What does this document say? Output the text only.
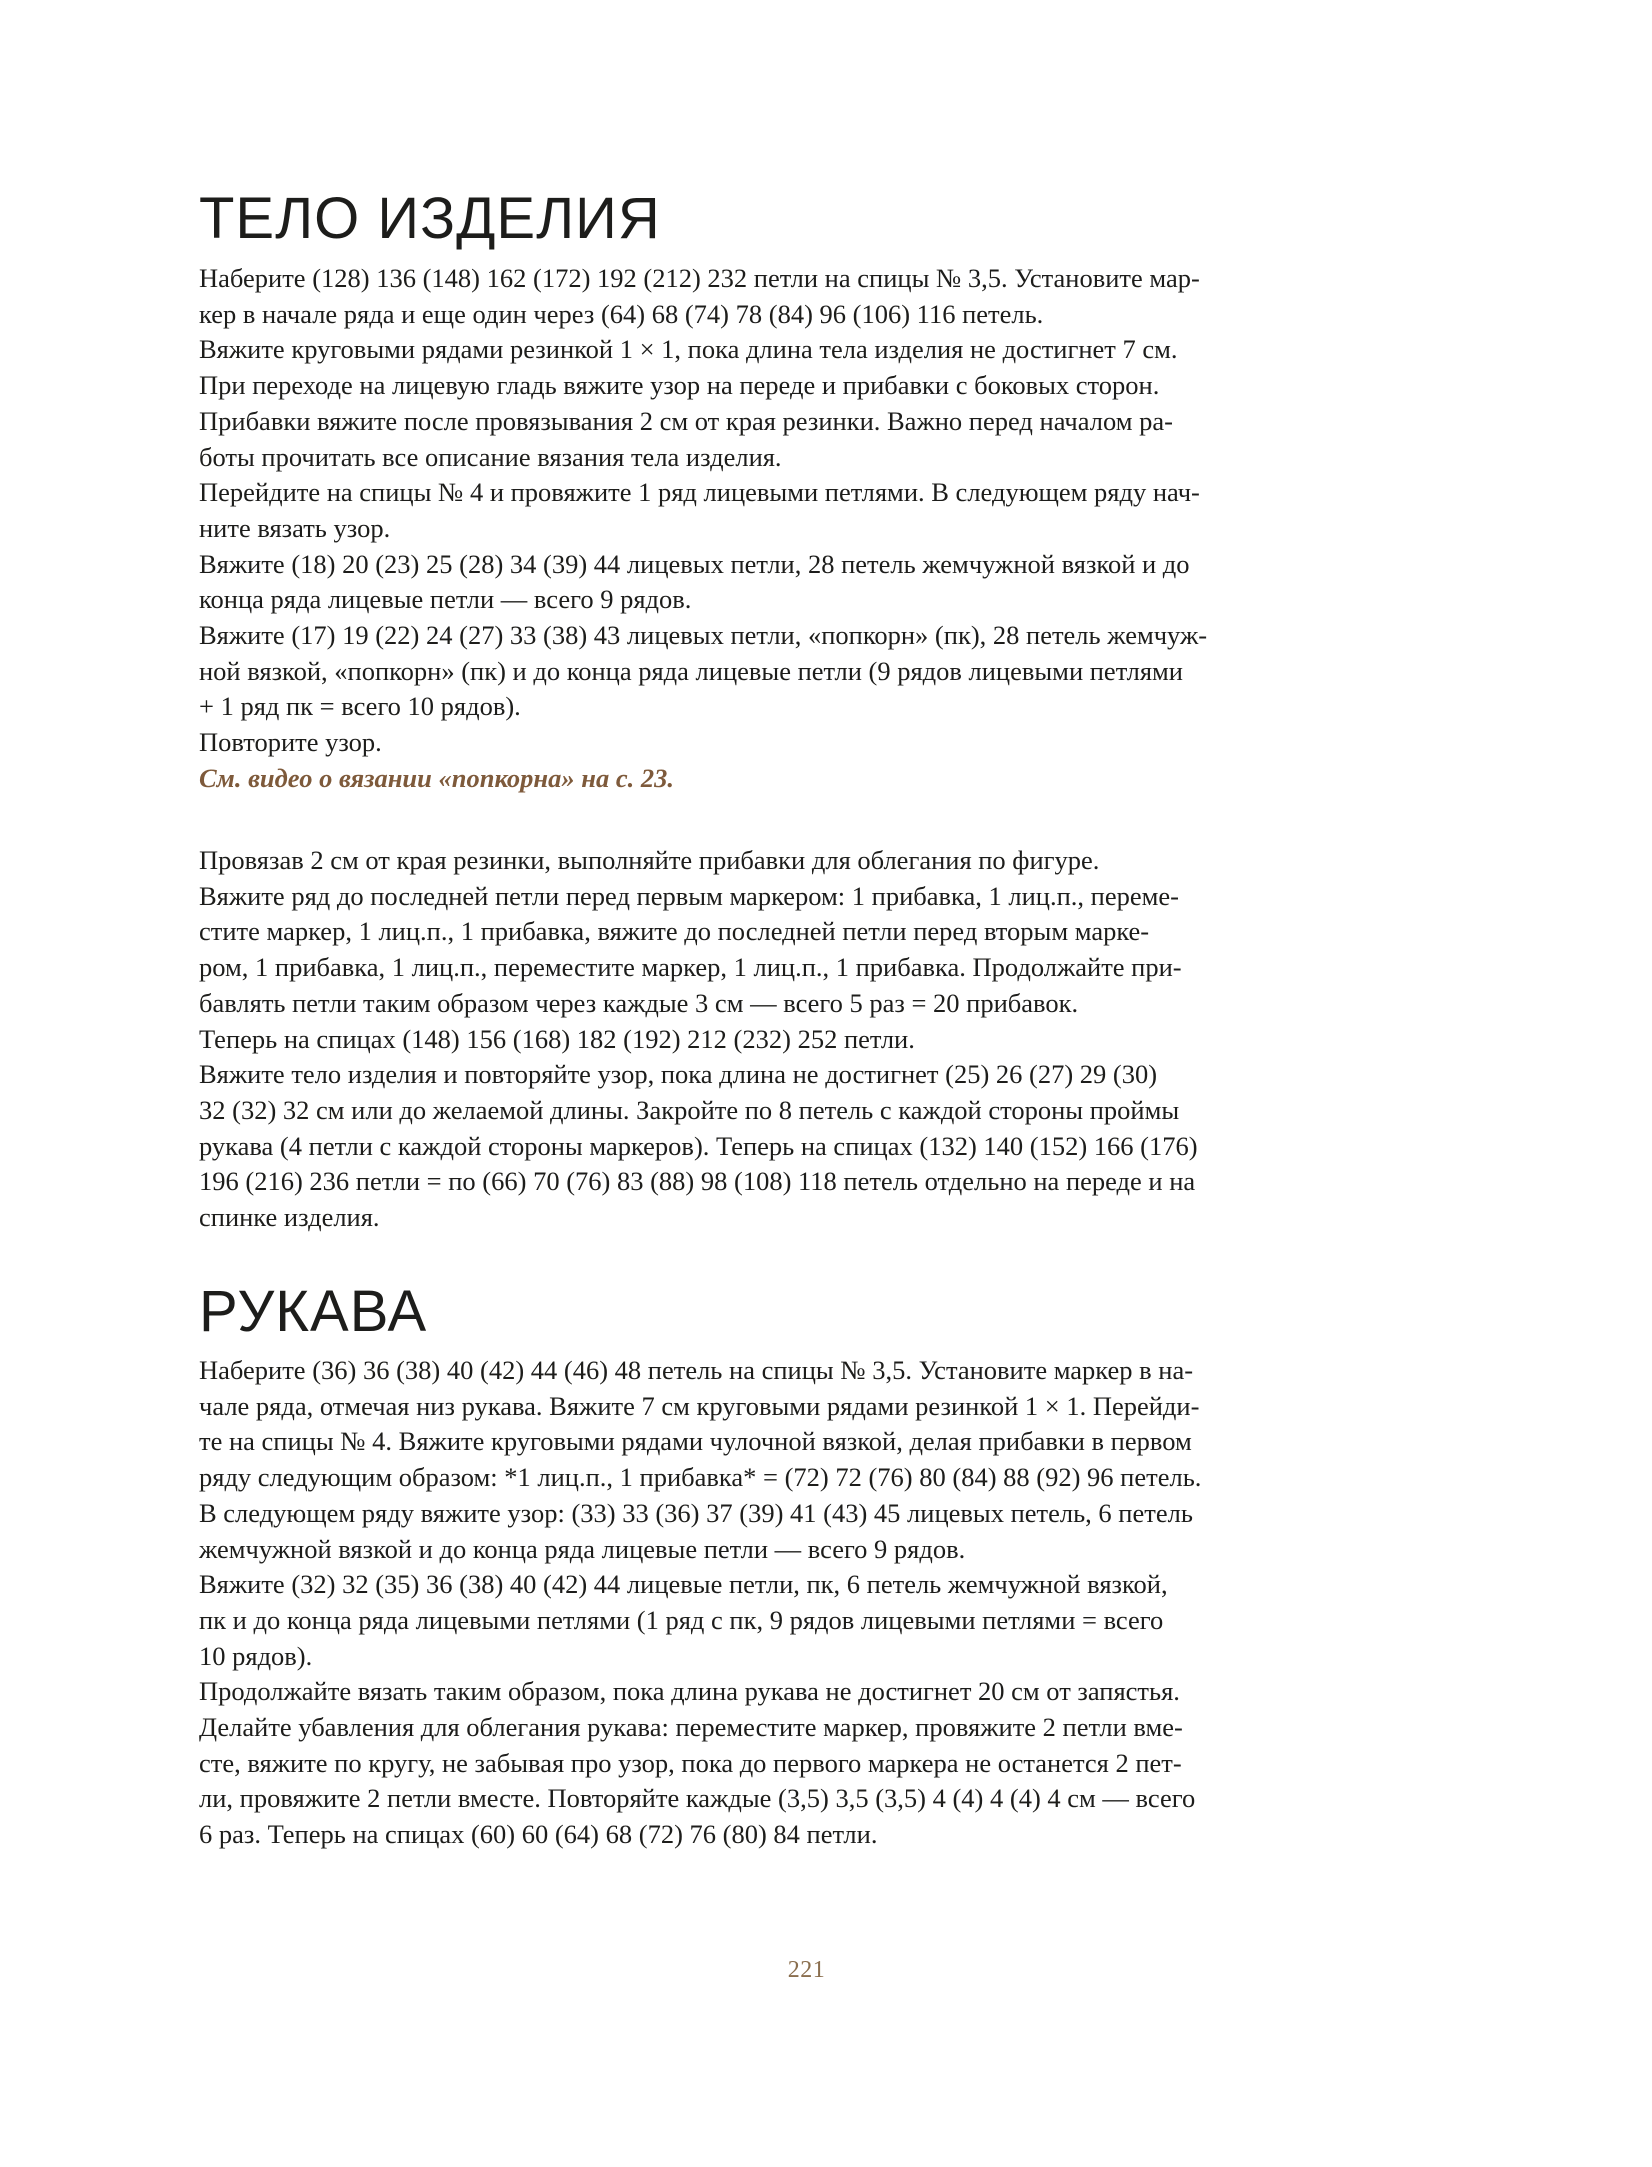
ТЕЛО ИЗДЕЛИЯ
Наберите (128) 136 (148) 162 (172) 192 (212) 232 петли на спицы № 3,5. Установите мар-
кер в начале ряда и еще один через (64) 68 (74) 78 (84) 96 (106) 116 петель.
Вяжите круговыми рядами резинкой 1 × 1, пока длина тела изделия не достигнет 7 см.
При переходе на лицевую гладь вяжите узор на переде и прибавки с боковых сторон.
Прибавки вяжите после провязывания 2 см от края резинки. Важно перед началом ра-
боты прочитать все описание вязания тела изделия.
Перейдите на спицы № 4 и провяжите 1 ряд лицевыми петлями. В следующем ряду нач-
ните вязать узор.
Вяжите (18) 20 (23) 25 (28) 34 (39) 44 лицевых петли, 28 петель жемчужной вязкой и до
конца ряда лицевые петли — всего 9 рядов.
Вяжите (17) 19 (22) 24 (27) 33 (38) 43 лицевых петли, «попкорн» (пк), 28 петель жемчуж-
ной вязкой, «попкорн» (пк) и до конца ряда лицевые петли (9 рядов лицевыми петлями
+ 1 ряд пк = всего 10 рядов).
Повторите узор.
См. видео о вязании «попкорна» на с. 23.
Провязав 2 см от края резинки, выполняйте прибавки для облегания по фигуре.
Вяжите ряд до последней петли перед первым маркером: 1 прибавка, 1 лиц.п., переме-
стите маркер, 1 лиц.п., 1 прибавка, вяжите до последней петли перед вторым марке-
ром, 1 прибавка, 1 лиц.п., переместите маркер, 1 лиц.п., 1 прибавка. Продолжайте при-
бавлять петли таким образом через каждые 3 см — всего 5 раз = 20 прибавок.
Теперь на спицах (148) 156 (168) 182 (192) 212 (232) 252 петли.
Вяжите тело изделия и повторяйте узор, пока длина не достигнет (25) 26 (27) 29 (30)
32 (32) 32 см или до желаемой длины. Закройте по 8 петель с каждой стороны проймы
рукава (4 петли с каждой стороны маркеров). Теперь на спицах (132) 140 (152) 166 (176)
196 (216) 236 петли = по (66) 70 (76) 83 (88) 98 (108) 118 петель отдельно на переде и на
спинке изделия.
РУКАВА
Наберите (36) 36 (38) 40 (42) 44 (46) 48 петель на спицы № 3,5. Установите маркер в на-
чале ряда, отмечая низ рукава. Вяжите 7 см круговыми рядами резинкой 1 × 1. Перейди-
те на спицы № 4. Вяжите круговыми рядами чулочной вязкой, делая прибавки в первом
ряду следующим образом: *1 лиц.п., 1 прибавка* = (72) 72 (76) 80 (84) 88 (92) 96 петель.
В следующем ряду вяжите узор: (33) 33 (36) 37 (39) 41 (43) 45 лицевых петель, 6 петель
жемчужной вязкой и до конца ряда лицевые петли — всего 9 рядов.
Вяжите (32) 32 (35) 36 (38) 40 (42) 44 лицевые петли, пк, 6 петель жемчужной вязкой,
пк и до конца ряда лицевыми петлями (1 ряд с пк, 9 рядов лицевыми петлями = всего
10 рядов).
Продолжайте вязать таким образом, пока длина рукава не достигнет 20 см от запястья.
Делайте убавления для облегания рукава: переместите маркер, провяжите 2 петли вме-
сте, вяжите по кругу, не забывая про узор, пока до первого маркера не останется 2 пет-
ли, провяжите 2 петли вместе. Повторяйте каждые (3,5) 3,5 (3,5) 4 (4) 4 (4) 4 см — всего
6 раз. Теперь на спицах (60) 60 (64) 68 (72) 76 (80) 84 петли.
221
